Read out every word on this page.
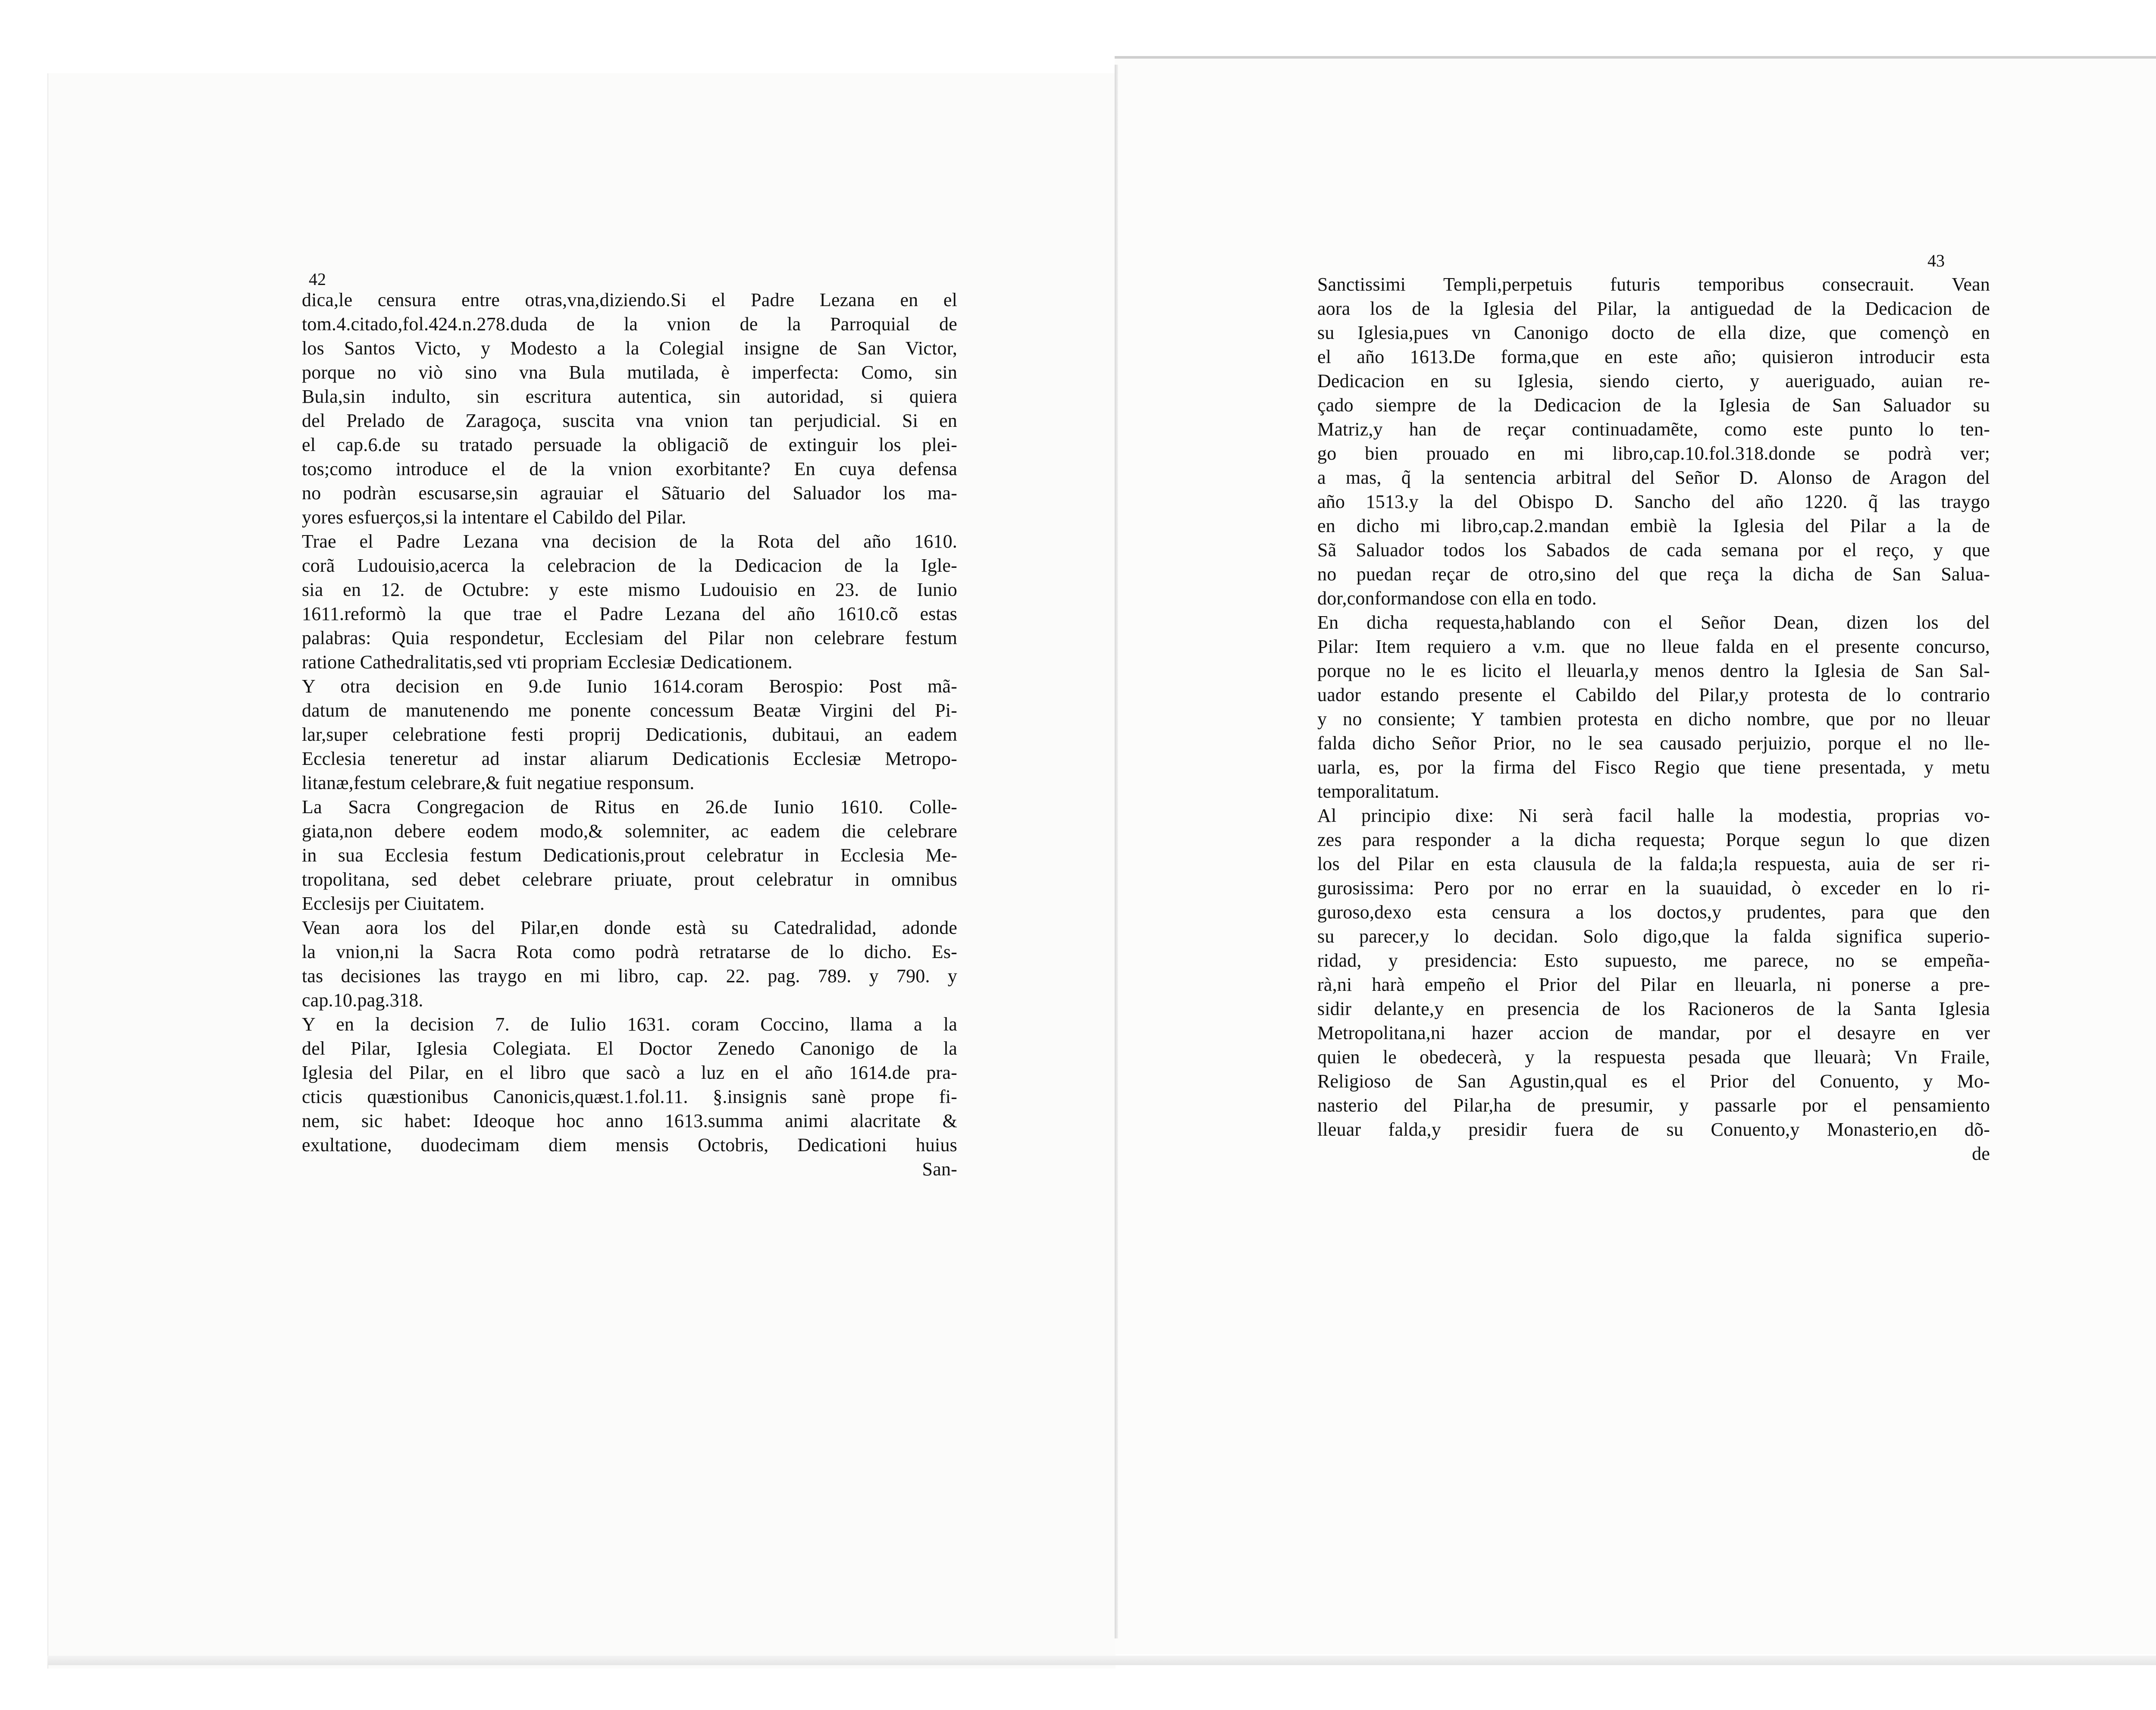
42
43
dica,le censura entre otras,vna,diziendo.Si el Padre Lezana en el
tom.4.citado,fol.424.n.278.duda de la vnion de la Parroquial de
los Santos Victo, y Modesto a la Colegial insigne de San Victor,
porque no viò sino vna Bula mutilada, è imperfecta: Como, sin
Bula,sin indulto, sin escritura autentica, sin autoridad, si quiera
del Prelado de Zaragoça, suscita vna vnion tan perjudicial. Si en
el cap.6.de su tratado persuade la obligaciõ de extinguir los plei-
tos;como introduce el de la vnion exorbitante? En cuya defensa
no podràn escusarse,sin agrauiar el Sãtuario del Saluador los ma-
yores esfuerços,si la intentare el Cabildo del Pilar.
Trae el Padre Lezana vna decision de la Rota del año 1610.
corã Ludouisio,acerca la celebracion de la Dedicacion de la Igle-
sia en 12. de Octubre: y este mismo Ludouisio en 23. de Iunio
1611.reformò la que trae el Padre Lezana del año 1610.cõ estas
palabras: Quia respondetur, Ecclesiam del Pilar non celebrare festum
ratione Cathedralitatis,sed vti propriam Ecclesiæ Dedicationem.
Y otra decision en 9.de Iunio 1614.coram Berospio: Post mã-
datum de manutenendo me ponente concessum Beatæ Virgini del Pi-
lar,super celebratione festi proprij Dedicationis, dubitaui, an eadem
Ecclesia teneretur ad instar aliarum Dedicationis Ecclesiæ Metropo-
litanæ,festum celebrare,& fuit negatiue responsum.
La Sacra Congregacion de Ritus en 26.de Iunio 1610. Colle-
giata,non debere eodem modo,& solemniter, ac eadem die celebrare
in sua Ecclesia festum Dedicationis,prout celebratur in Ecclesia Me-
tropolitana, sed debet celebrare priuate, prout celebratur in omnibus
Ecclesijs per Ciuitatem.
Vean aora los del Pilar,en donde està su Catedralidad, adonde
la vnion,ni la Sacra Rota como podrà retratarse de lo dicho. Es-
tas decisiones las traygo en mi libro, cap. 22. pag. 789. y 790. y
cap.10.pag.318.
Y en la decision 7. de Iulio 1631. coram Coccino, llama a la
del Pilar, Iglesia Colegiata. El Doctor Zenedo Canonigo de la
Iglesia del Pilar, en el libro que sacò a luz en el año 1614.de pra-
cticis quæstionibus Canonicis,quæst.1.fol.11. §.insignis sanè prope fi-
nem, sic habet: Ideoque hoc anno 1613.summa animi alacritate &
exultatione, duodecimam diem mensis Octobris, Dedicationi huius
San-
Sanctissimi Templi,perpetuis futuris temporibus consecrauit. Vean
aora los de la Iglesia del Pilar, la antiguedad de la Dedicacion de
su Iglesia,pues vn Canonigo docto de ella dize, que començò en
el año 1613.De forma,que en este año; quisieron introducir esta
Dedicacion en su Iglesia, siendo cierto, y aueriguado, auian re-
çado siempre de la Dedicacion de la Iglesia de San Saluador su
Matriz,y han de reçar continuadamẽte, como este punto lo ten-
go bien prouado en mi libro,cap.10.fol.318.donde se podrà ver;
a mas, q̃ la sentencia arbitral del Señor D. Alonso de Aragon del
año 1513.y la del Obispo D. Sancho del año 1220. q̃ las traygo
en dicho mi libro,cap.2.mandan embiè la Iglesia del Pilar a la de
Sã Saluador todos los Sabados de cada semana por el reço, y que
no puedan reçar de otro,sino del que reça la dicha de San Salua-
dor,conformandose con ella en todo.
En dicha requesta,hablando con el Señor Dean, dizen los del
Pilar: Item requiero a v.m. que no lleue falda en el presente concurso,
porque no le es licito el lleuarla,y menos dentro la Iglesia de San Sal-
uador estando presente el Cabildo del Pilar,y protesta de lo contrario
y no consiente; Y tambien protesta en dicho nombre, que por no lleuar
falda dicho Señor Prior, no le sea causado perjuizio, porque el no lle-
uarla, es, por la firma del Fisco Regio que tiene presentada, y metu
temporalitatum.
Al principio dixe: Ni serà facil halle la modestia, proprias vo-
zes para responder a la dicha requesta; Porque segun lo que dizen
los del Pilar en esta clausula de la falda;la respuesta, auia de ser ri-
gurosissima: Pero por no errar en la suauidad, ò exceder en lo ri-
guroso,dexo esta censura a los doctos,y prudentes, para que den
su parecer,y lo decidan. Solo digo,que la falda significa superio-
ridad, y presidencia: Esto supuesto, me parece, no se empeña-
rà,ni harà empeño el Prior del Pilar en lleuarla, ni ponerse a pre-
sidir delante,y en presencia de los Racioneros de la Santa Iglesia
Metropolitana,ni hazer accion de mandar, por el desayre en ver
quien le obedecerà, y la respuesta pesada que lleuarà; Vn Fraile,
Religioso de San Agustin,qual es el Prior del Conuento, y Mo-
nasterio del Pilar,ha de presumir, y passarle por el pensamiento
lleuar falda,y presidir fuera de su Conuento,y Monasterio,en dõ-
de
